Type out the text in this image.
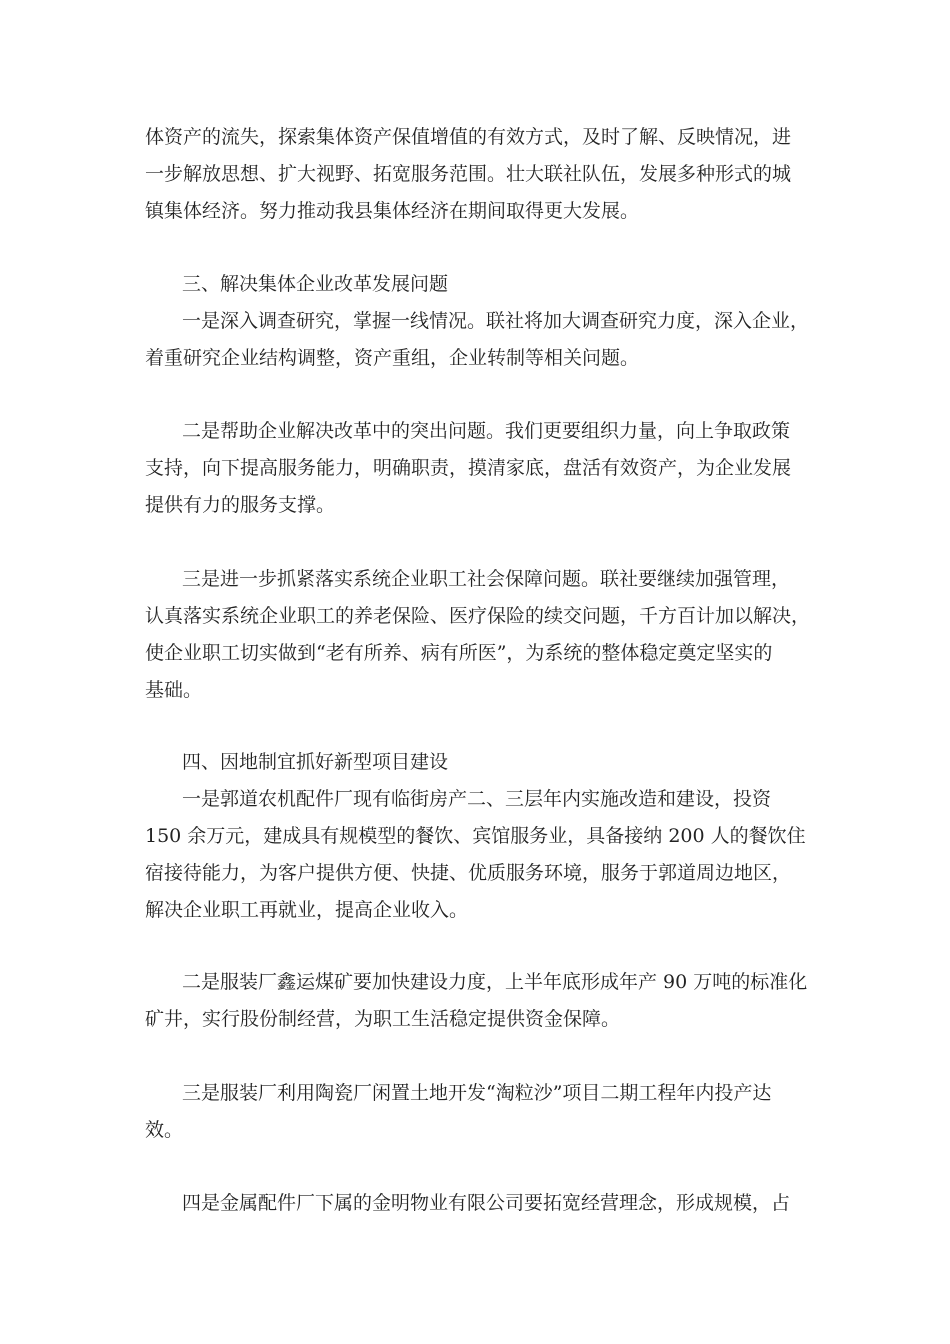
体资产的流失，探索集体资产保值增值的有效方式，及时了解、反映情况，进
一步解放思想、扩大视野、拓宽服务范围。壮大联社队伍，发展多种形式的城
镇集体经济。努力推动我县集体经济在期间取得更大发展。
三、解决集体企业改革发展问题
一是深入调查研究，掌握一线情况。联社将加大调查研究力度，深入企业，
着重研究企业结构调整，资产重组，企业转制等相关问题。
二是帮助企业解决改革中的突出问题。我们更要组织力量，向上争取政策
支持，向下提高服务能力，明确职责，摸清家底，盘活有效资产，为企业发展
提供有力的服务支撑。
三是进一步抓紧落实系统企业职工社会保障问题。联社要继续加强管理，
认真落实系统企业职工的养老保险、医疗保险的续交问题，千方百计加以解决，
使企业职工切实做到“老有所养、病有所医”，为系统的整体稳定奠定坚实的
基础。
四、因地制宜抓好新型项目建设
一是郭道农机配件厂现有临街房产二、三层年内实施改造和建设，投资
150 余万元，建成具有规模型的餐饮、宾馆服务业，具备接纳 200 人的餐饮住
宿接待能力，为客户提供方便、快捷、优质服务环境，服务于郭道周边地区，
解决企业职工再就业，提高企业收入。
二是服装厂鑫运煤矿要加快建设力度，上半年底形成年产 90 万吨的标准化
矿井，实行股份制经营，为职工生活稳定提供资金保障。
三是服装厂利用陶瓷厂闲置土地开发“淘粒沙”项目二期工程年内投产达
效。
四是金属配件厂下属的金明物业有限公司要拓宽经营理念，形成规模，占
